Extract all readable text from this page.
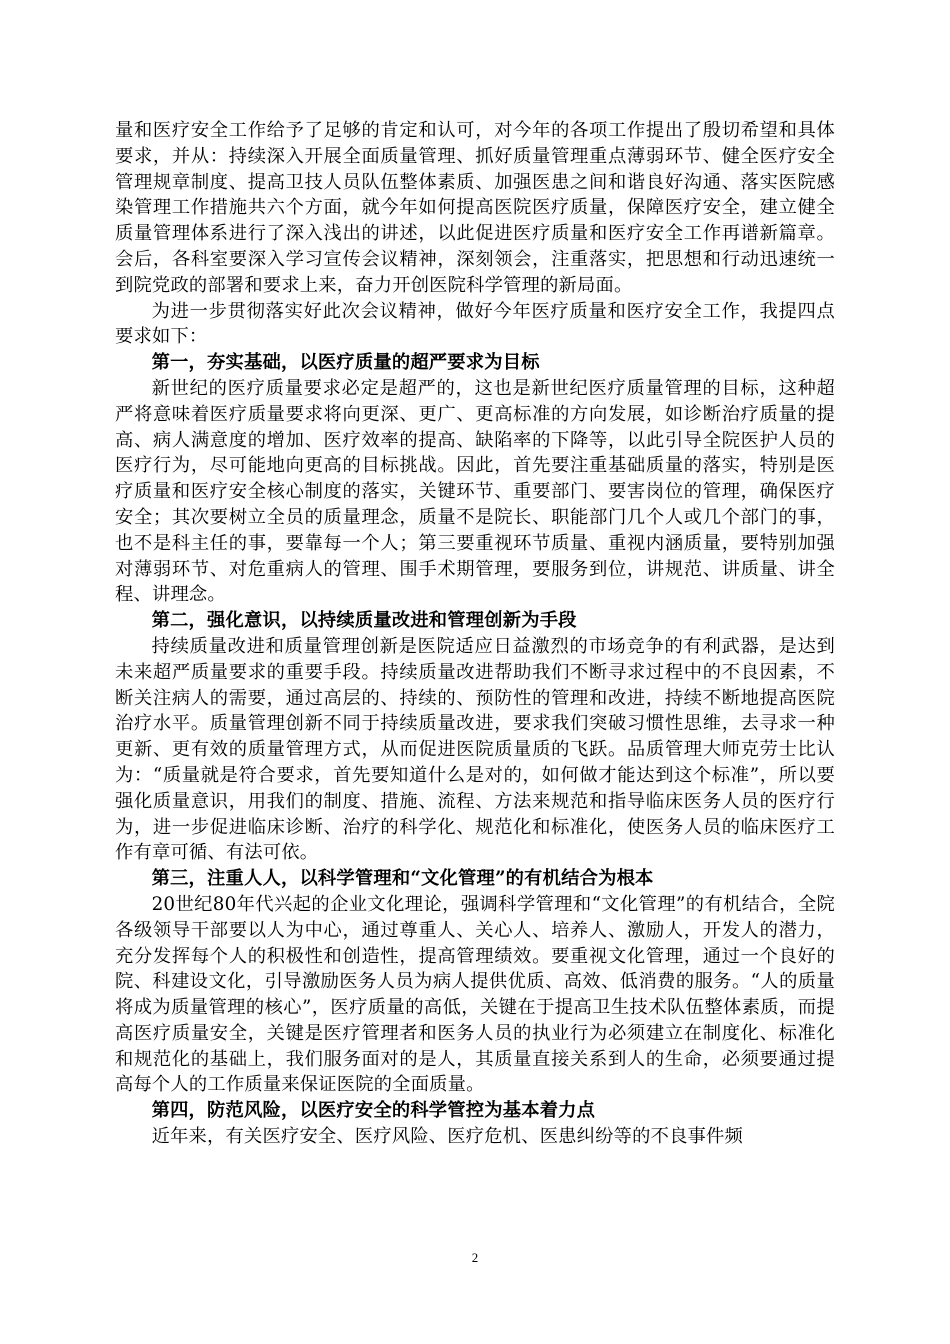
量和医疗安全工作给予了足够的肯定和认可，对今年的各项工作提出了殷切希望和具体要求，并从：持续深入开展全面质量管理、抓好质量管理重点薄弱环节、健全医疗安全管理规章制度、提高卫技人员队伍整体素质、加强医患之间和谐良好沟通、落实医院感染管理工作措施共六个方面，就今年如何提高医院医疗质量，保障医疗安全，建立健全质量管理体系进行了深入浅出的讲述，以此促进医疗质量和医疗安全工作再谱新篇章。会后，各科室要深入学习宣传会议精神，深刻领会，注重落实，把思想和行动迅速统一到院党政的部署和要求上来，奋力开创医院科学管理的新局面。

为进一步贯彻落实好此次会议精神，做好今年医疗质量和医疗安全工作，我提四点要求如下：

第一，夯实基础，以医疗质量的超严要求为目标

新世纪的医疗质量要求必定是超严的，这也是新世纪医疗质量管理的目标，这种超严将意味着医疗质量要求将向更深、更广、更高标准的方向发展，如诊断治疗质量的提高、病人满意度的增加、医疗效率的提高、缺陷率的下降等，以此引导全院医护人员的医疗行为，尽可能地向更高的目标挑战。因此，首先要注重基础质量的落实，特别是医疗质量和医疗安全核心制度的落实，关键环节、重要部门、要害岗位的管理，确保医疗安全；其次要树立全员的质量理念，质量不是院长、职能部门几个人或几个部门的事，也不是科主任的事，要靠每一个人；第三要重视环节质量、重视内涵质量，要特别加强对薄弱环节、对危重病人的管理、围手术期管理，要服务到位，讲规范、讲质量、讲全程、讲理念。

第二，强化意识，以持续质量改进和管理创新为手段

持续质量改进和质量管理创新是医院适应日益激烈的市场竞争的有利武器，是达到未来超严质量要求的重要手段。持续质量改进帮助我们不断寻求过程中的不良因素，不断关注病人的需要，通过高层的、持续的、预防性的管理和改进，持续不断地提高医院治疗水平。质量管理创新不同于持续质量改进，要求我们突破习惯性思维，去寻求一种更新、更有效的质量管理方式，从而促进医院质量质的飞跃。品质管理大师克劳士比认为：“质量就是符合要求，首先要知道什么是对的，如何做才能达到这个标准”，所以要强化质量意识，用我们的制度、措施、流程、方法来规范和指导临床医务人员的医疗行为，进一步促进临床诊断、治疗的科学化、规范化和标准化，使医务人员的临床医疗工作有章可循、有法可依。

第三，注重人人，以科学管理和“文化管理”的有机结合为根本

20世纪80年代兴起的企业文化理论，强调科学管理和“文化管理”的有机结合，全院各级领导干部要以人为中心，通过尊重人、关心人、培养人、激励人，开发人的潜力，充分发挥每个人的积极性和创造性，提高管理绩效。要重视文化管理，通过一个良好的院、科建设文化，引导激励医务人员为病人提供优质、高效、低消费的服务。“人的质量将成为质量管理的核心”，医疗质量的高低，关键在于提高卫生技术队伍整体素质，而提高医疗质量安全，关键是医疗管理者和医务人员的执业行为必须建立在制度化、标准化和规范化的基础上，我们服务面对的是人，其质量直接关系到人的生命，必须要通过提高每个人的工作质量来保证医院的全面质量。

第四，防范风险，以医疗安全的科学管控为基本着力点

近年来，有关医疗安全、医疗风险、医疗危机、医患纠纷等的不良事件频

2
